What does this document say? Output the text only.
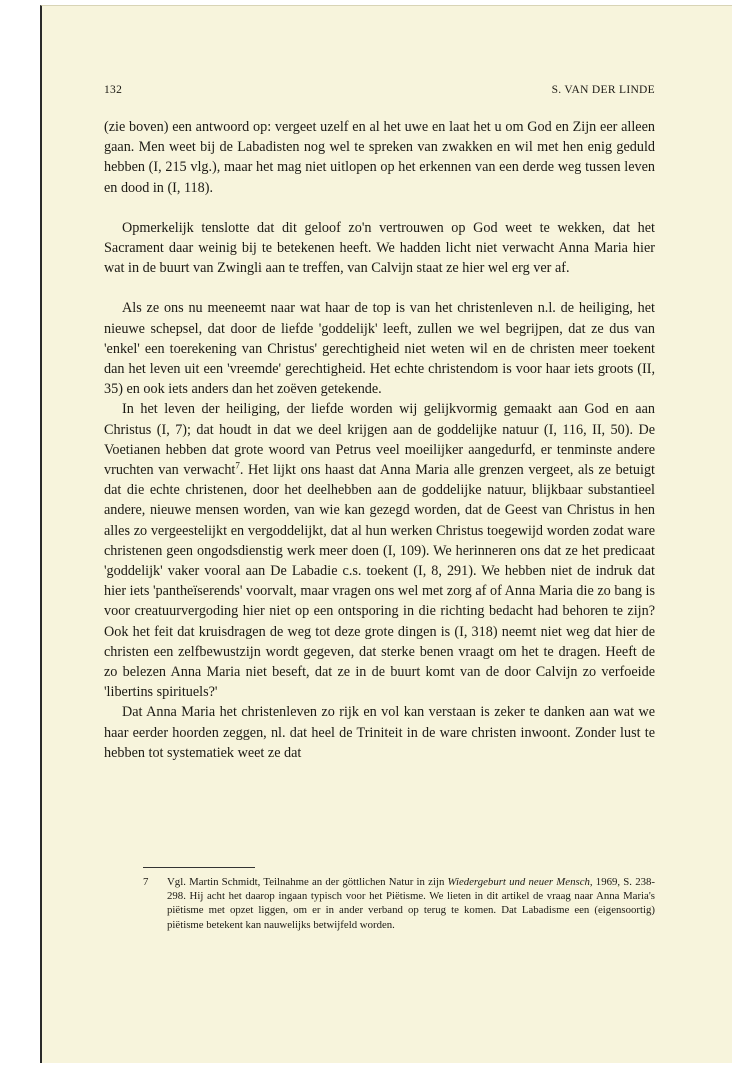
132	S. VAN DER LINDE

(zie boven) een antwoord op: vergeet uzelf en al het uwe en laat het u om God en Zijn eer alleen gaan. Men weet bij de Labadisten nog wel te spreken van zwakken en wil met hen enig geduld hebben (I, 215 vlg.), maar het mag niet uitlopen op het erkennen van een derde weg tussen leven en dood in (I, 118).

Opmerkelijk tenslotte dat dit geloof zo'n vertrouwen op God weet te wekken, dat het Sacrament daar weinig bij te betekenen heeft. We hadden licht niet verwacht Anna Maria hier wat in de buurt van Zwingli aan te treffen, van Calvijn staat ze hier wel erg ver af.

Als ze ons nu meeneemt naar wat haar de top is van het christenleven n.l. de heiliging, het nieuwe schepsel, dat door de liefde 'goddelijk' leeft, zullen we wel begrijpen, dat ze dus van 'enkel' een toerekening van Christus' gerechtigheid niet weten wil en de christen meer toekent dan het leven uit een 'vreemde' gerechtigheid. Het echte christendom is voor haar iets groots (II, 35) en ook iets anders dan het zoëven getekende.

In het leven der heiliging, der liefde worden wij gelijkvormig gemaakt aan God en aan Christus (I, 7); dat houdt in dat we deel krijgen aan de goddelijke natuur (I, 116, II, 50). De Voetianen hebben dat grote woord van Petrus veel moeilijker aangedurfd, er tenminste andere vruchten van verwacht$^7$. Het lijkt ons haast dat Anna Maria alle grenzen vergeet, als ze betuigt dat die echte christenen, door het deelhebben aan de goddelijke natuur, blijkbaar substantieel andere, nieuwe mensen worden, van wie kan gezegd worden, dat de Geest van Christus in hen alles zo vergeestelijkt en vergoddelijkt, dat al hun werken Christus toegewijd worden zodat ware christenen geen ongodsdienstig werk meer doen (I, 109). We herinneren ons dat ze het predicaat 'goddelijk' vaker vooral aan De Labadie c.s. toekent (I, 8, 291). We hebben niet de indruk dat hier iets 'pantheïserends' voorvalt, maar vragen ons wel met zorg af of Anna Maria die zo bang is voor creatuurvergoding hier niet op een ontsporing in die richting bedacht had behoren te zijn? Ook het feit dat kruisdragen de weg tot deze grote dingen is (I, 318) neemt niet weg dat hier de christen een zelfbewustzijn wordt gegeven, dat sterke benen vraagt om het te dragen. Heeft de zo belezen Anna Maria niet beseft, dat ze in de buurt komt van de door Calvijn zo verfoeide 'libertins spirituels?'

Dat Anna Maria het christenleven zo rijk en vol kan verstaan is zeker te danken aan wat we haar eerder hoorden zeggen, nl. dat heel de Triniteit in de ware christen inwoont. Zonder lust te hebben tot systematiek weet ze dat

7	Vgl. Martin Schmidt, Teilnahme an der göttlichen Natur in zijn Wiedergeburt und neuer Mensch, 1969, S. 238-298. Hij acht het daarop ingaan typisch voor het Piëtisme. We lieten in dit artikel de vraag naar Anna Maria's piëtisme met opzet liggen, om er in ander verband op terug te komen. Dat Labadisme een (eigensoortig) piëtisme betekent kan nauwelijks betwijfeld worden.
